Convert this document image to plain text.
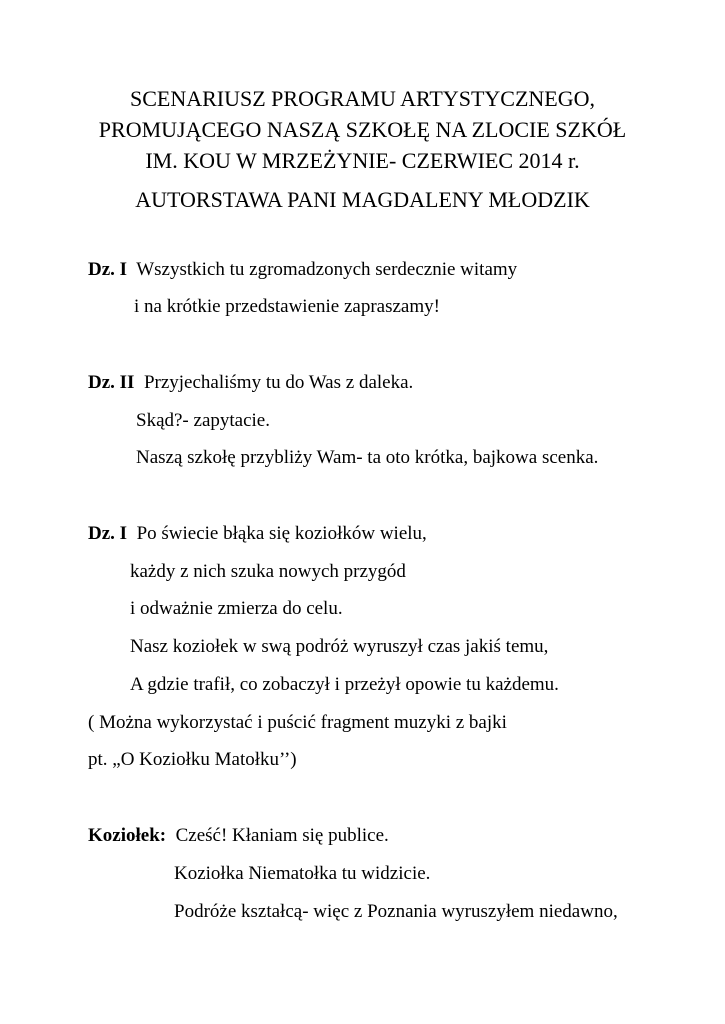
SCENARIUSZ PROGRAMU ARTYSTYCZNEGO,
PROMUJĄCEGO NASZĄ SZKOŁĘ NA ZLOCIE SZKÓŁ
IM. KOU W MRZEŻYNIE- CZERWIEC 2014 r.
AUTORSTAWA PANI MAGDALENY MŁODZIK
Dz. I Wszystkich tu zgromadzonych serdecznie witamy
i na krótkie przedstawienie zapraszamy!
Dz. II Przyjechaliśmy tu do Was z daleka.
Skąd?- zapytacie.
Naszą szkołę przybliży Wam- ta oto krótka, bajkowa scenka.
Dz. I Po świecie błąka się koziołków wielu,
każdy z nich szuka nowych przygód
i odważnie zmierza do celu.
Nasz koziołek w swą podróż wyruszył czas jakiś temu,
A gdzie trafił, co zobaczył i przeżył opowie tu każdemu.
( Można wykorzystać i puścić fragment muzyki z bajki
pt. „O Koziołku Matołku’’)
Koziołek: Cześć! Kłaniam się publice.
Koziołka Niematołka tu widzicie.
Podróże kształcą- więc z Poznania wyruszyłem niedawno,
